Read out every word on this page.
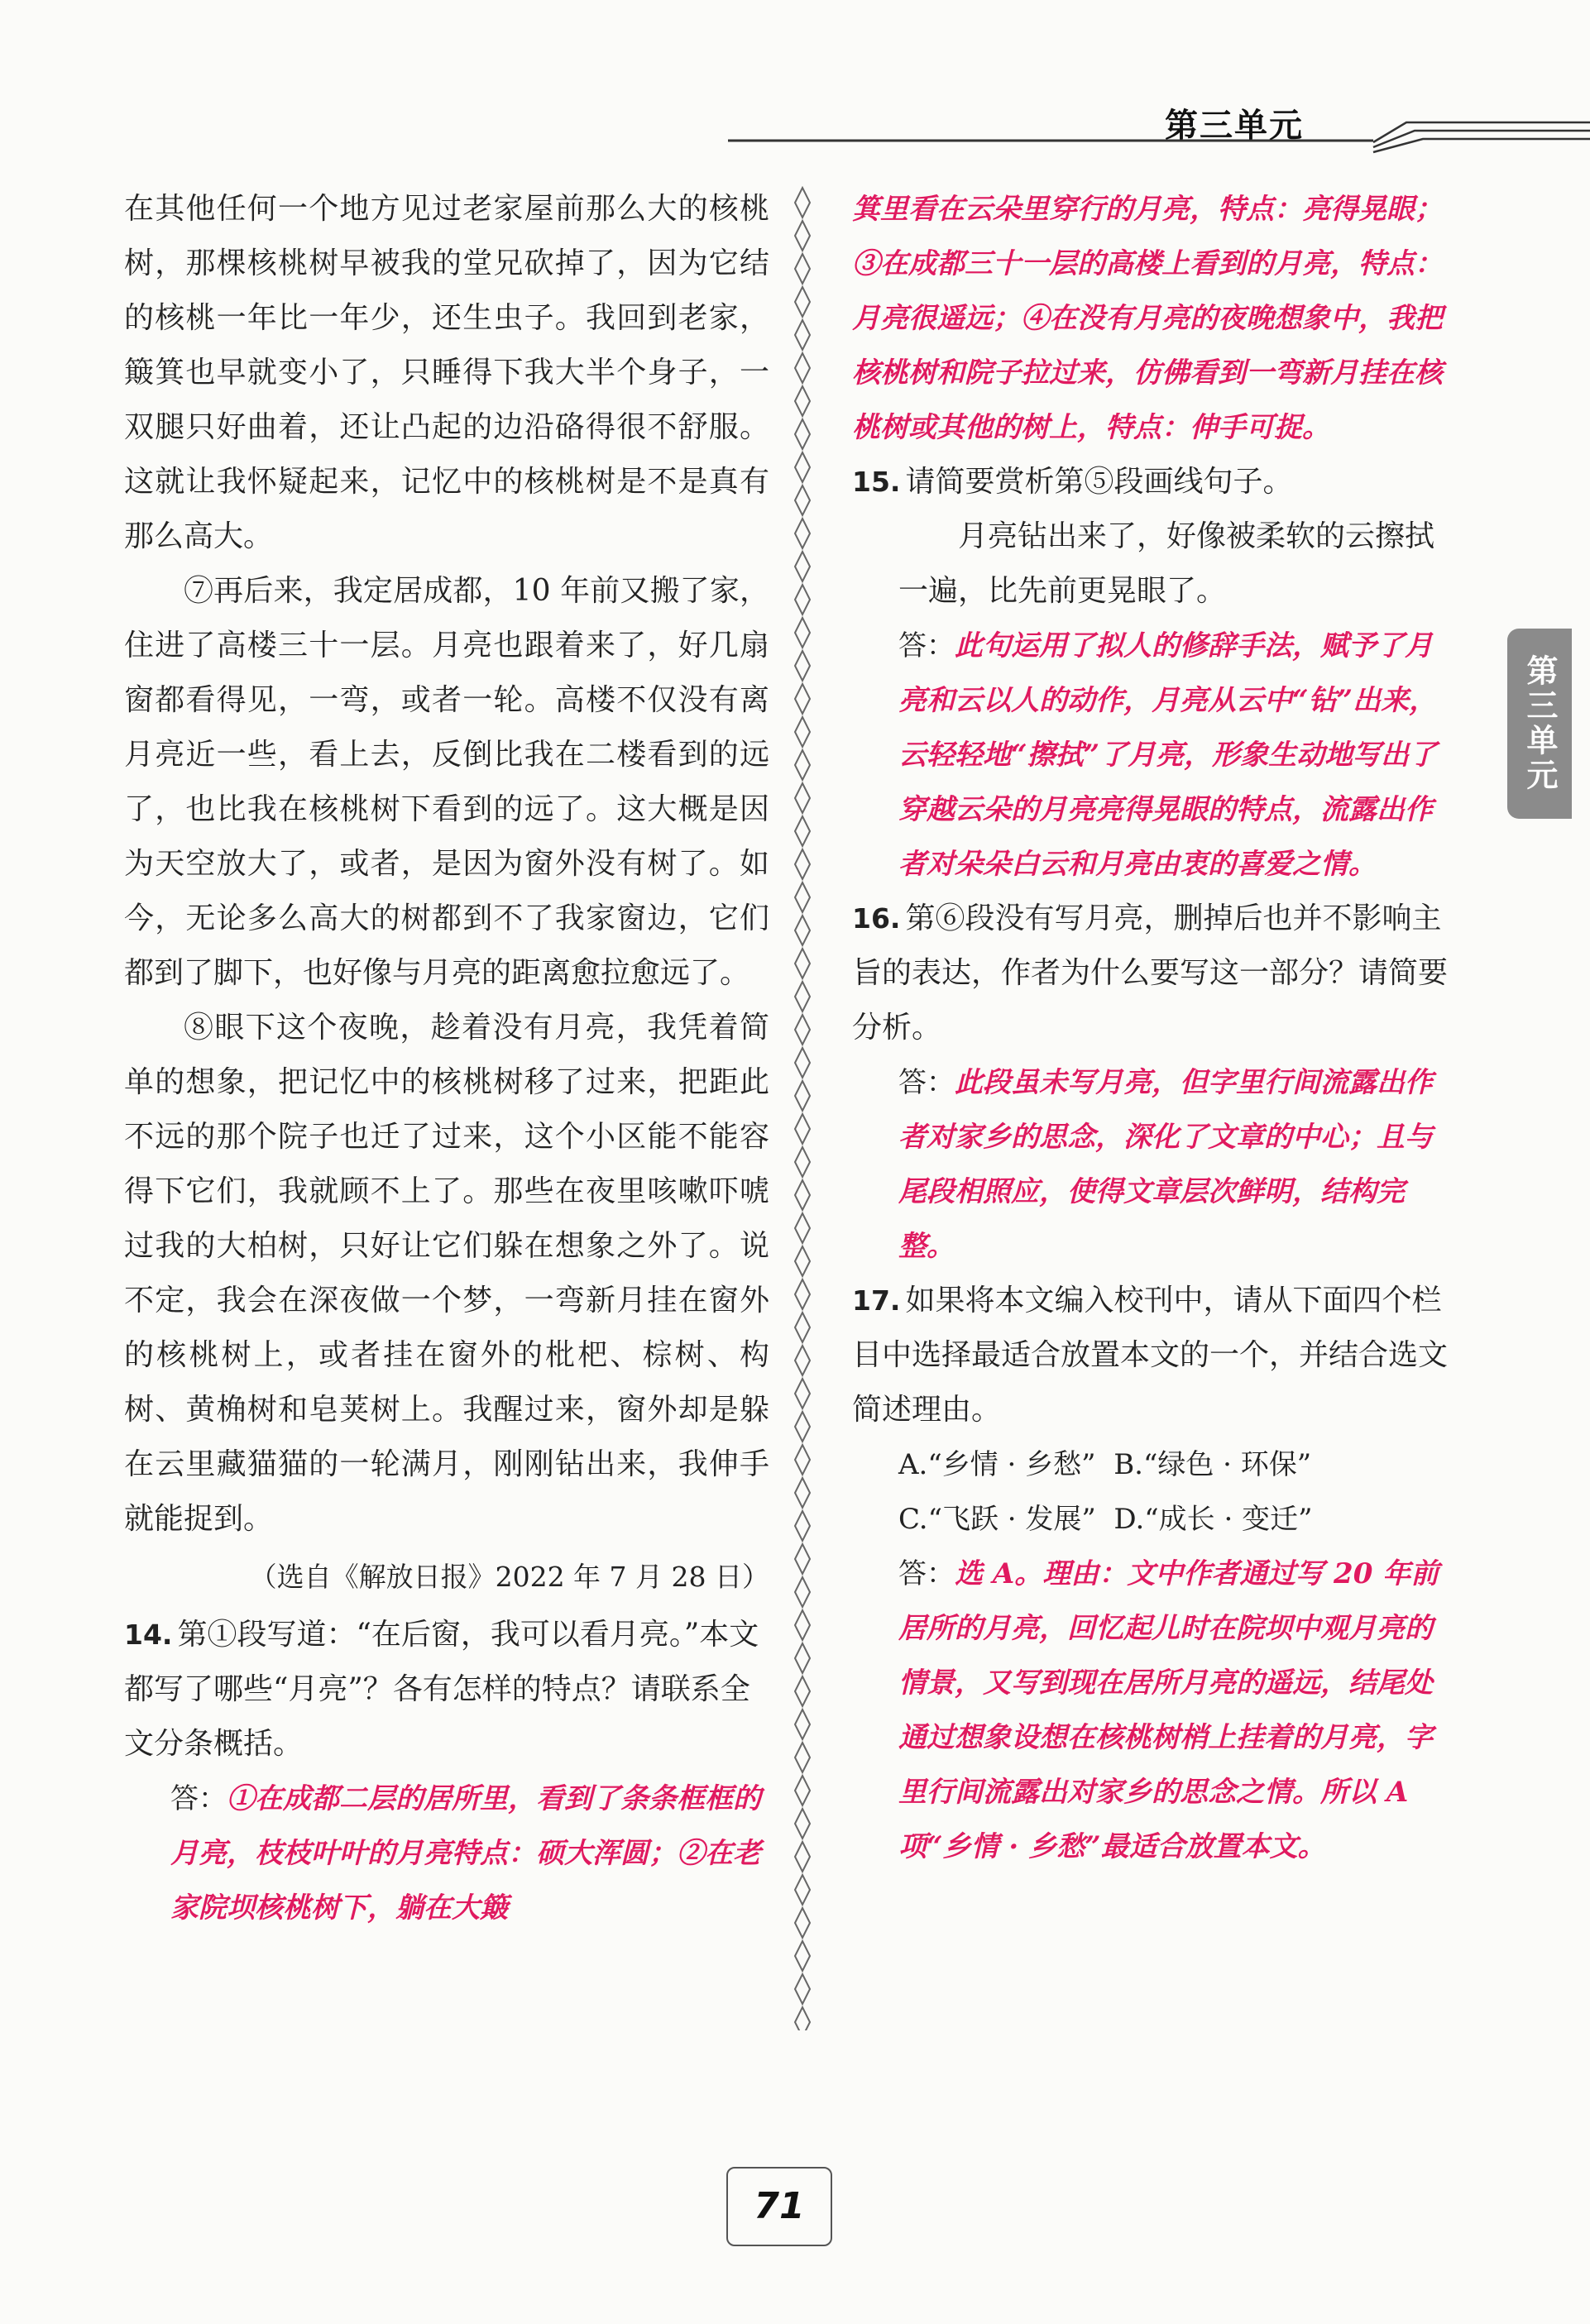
第三单元
第三单元

在其他任何一个地方见过老家屋前那么大的核桃树，那棵核桃树早被我的堂兄砍掉了，因为它结的核桃一年比一年少，还生虫子。我回到老家，簸箕也早就变小了，只睡得下我大半个身子，一双腿只好曲着，还让凸起的边沿硌得很不舒服。这就让我怀疑起来，记忆中的核桃树是不是真有那么高大。

⑦再后来，我定居成都，10 年前又搬了家，住进了高楼三十一层。月亮也跟着来了，好几扇窗都看得见，一弯，或者一轮。高楼不仅没有离月亮近一些，看上去，反倒比我在二楼看到的远了，也比我在核桃树下看到的远了。这大概是因为天空放大了，或者，是因为窗外没有树了。如今，无论多么高大的树都到不了我家窗边，它们都到了脚下，也好像与月亮的距离愈拉愈远了。

⑧眼下这个夜晚，趁着没有月亮，我凭着简单的想象，把记忆中的核桃树移了过来，把距此不远的那个院子也迁了过来，这个小区能不能容得下它们，我就顾不上了。那些在夜里咳嗽吓唬过我的大柏树，只好让它们躲在想象之外了。说不定，我会在深夜做一个梦，一弯新月挂在窗外的核桃树上，或者挂在窗外的枇杷、棕树、构树、黄桷树和皂荚树上。我醒过来，窗外却是躲在云里藏猫猫的一轮满月，刚刚钻出来，我伸手就能捉到。

（选自《解放日报》2022 年 7 月 28 日）

14. 第①段写道：“在后窗，我可以看月亮。”本文都写了哪些“月亮”？各有怎样的特点？请联系全文分条概括。

答：①在成都二层的居所里，看到了条条框框的月亮，枝枝叶叶的月亮特点：硕大浑圆；②在老家院坝核桃树下，躺在大簸

箕里看在云朵里穿行的月亮，特点：亮得晃眼；③在成都三十一层的高楼上看到的月亮，特点：月亮很遥远；④在没有月亮的夜晚想象中，我把核桃树和院子拉过来，仿佛看到一弯新月挂在核桃树或其他的树上，特点：伸手可捉。

15. 请简要赏析第⑤段画线句子。

月亮钻出来了，好像被柔软的云擦拭一遍，比先前更晃眼了。

答：此句运用了拟人的修辞手法，赋予了月亮和云以人的动作，月亮从云中“钻”出来，云轻轻地“擦拭”了月亮，形象生动地写出了穿越云朵的月亮亮得晃眼的特点，流露出作者对朵朵白云和月亮由衷的喜爱之情。

16. 第⑥段没有写月亮，删掉后也并不影响主旨的表达，作者为什么要写这一部分？请简要分析。

答：此段虽未写月亮，但字里行间流露出作者对家乡的思念，深化了文章的中心；且与尾段相照应，使得文章层次鲜明，结构完整。

17. 如果将本文编入校刊中，请从下面四个栏目中选择最适合放置本文的一个，并结合选文简述理由。

A.“乡情 · 乡愁” B.“绿色 · 环保”

C.“飞跃 · 发展” D.“成长 · 变迁”

答：选 A。理由：文中作者通过写 20 年前居所的月亮，回忆起儿时在院坝中观月亮的情景，又写到现在居所月亮的遥远，结尾处通过想象设想在核桃树梢上挂着的月亮，字里行间流露出对家乡的思念之情。所以 A 项“乡情 · 乡愁”最适合放置本文。

71
